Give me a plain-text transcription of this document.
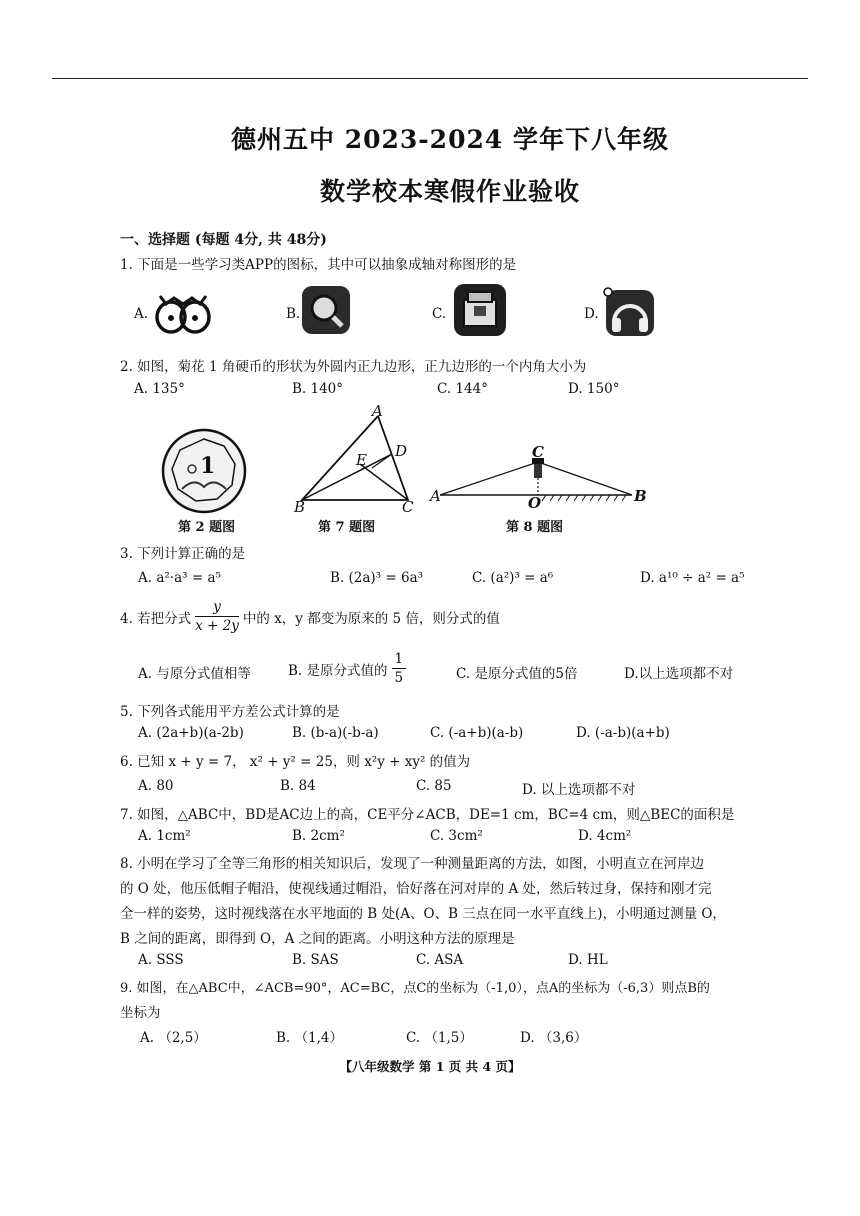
德州五中 2023-2024 学年下八年级
数学校本寒假作业验收
一、选择题 (每题 4分, 共 48分)
1. 下面是一些学习类APP的图标，其中可以抽象成轴对称图形的是
A.	B.	C.	D.
2. 如图，菊花 1 角硬币的形状为外圆内正九边形，正九边形的一个内角大小为
A. 135°	B. 140°	C. 144°	D. 150°
1
A
D
E
B	C
C
A	O	B
第 2 题图	第 7 题图	第 8 题图
3. 下列计算正确的是
A. a²·a³ = a⁵	B. (2a)³ = 6a³	C. (a²)³ = a⁶	D. a¹⁰ ÷ a² = a⁵
4. 若把分式 $\frac{y}{x + 2y}$ 中的 x，y 都变为原来的 5 倍，则分式的值
A. 与原分式值相等	B. 是原分式值的 $\frac{1}{5}$	C. 是原分式值的5倍	D.以上选项都不对
5. 下列各式能用平方差公式计算的是
A. (2a+b)(a-2b)	B. (b-a)(-b-a)	C. (-a+b)(a-b)	D. (-a-b)(a+b)
6. 已知 x + y = 7， x² + y² = 25，则 x²y + xy² 的值为
A. 80	B. 84	C. 85	D. 以上选项都不对
7. 如图，△ABC中，BD是AC边上的高，CE平分∠ACB，DE=1 cm，BC=4 cm，则△BEC的面积是
A. 1cm²	B. 2cm²	C. 3cm²	D. 4cm²
8. 小明在学习了全等三角形的相关知识后，发现了一种测量距离的方法，如图，小明直立在河岸边
的 O 处，他压低帽子帽沿，使视线通过帽沿，恰好落在河对岸的 A 处，然后转过身，保持和刚才完
全一样的姿势，这时视线落在水平地面的 B 处(A、O、B 三点在同一水平直线上)，小明通过测量 O，
B 之间的距离，即得到 O，A 之间的距离。小明这种方法的原理是
A. SSS	B. SAS	C. ASA	D. HL
9. 如图，在△ABC中，∠ACB=90°，AC=BC，点C的坐标为（-1,0），点A的坐标为（-6,3）则点B的
坐标为
A. （2,5）	B. （1,4）	C. （1,5）	D. （3,6）
【八年级数学 第 1 页 共 4 页】
